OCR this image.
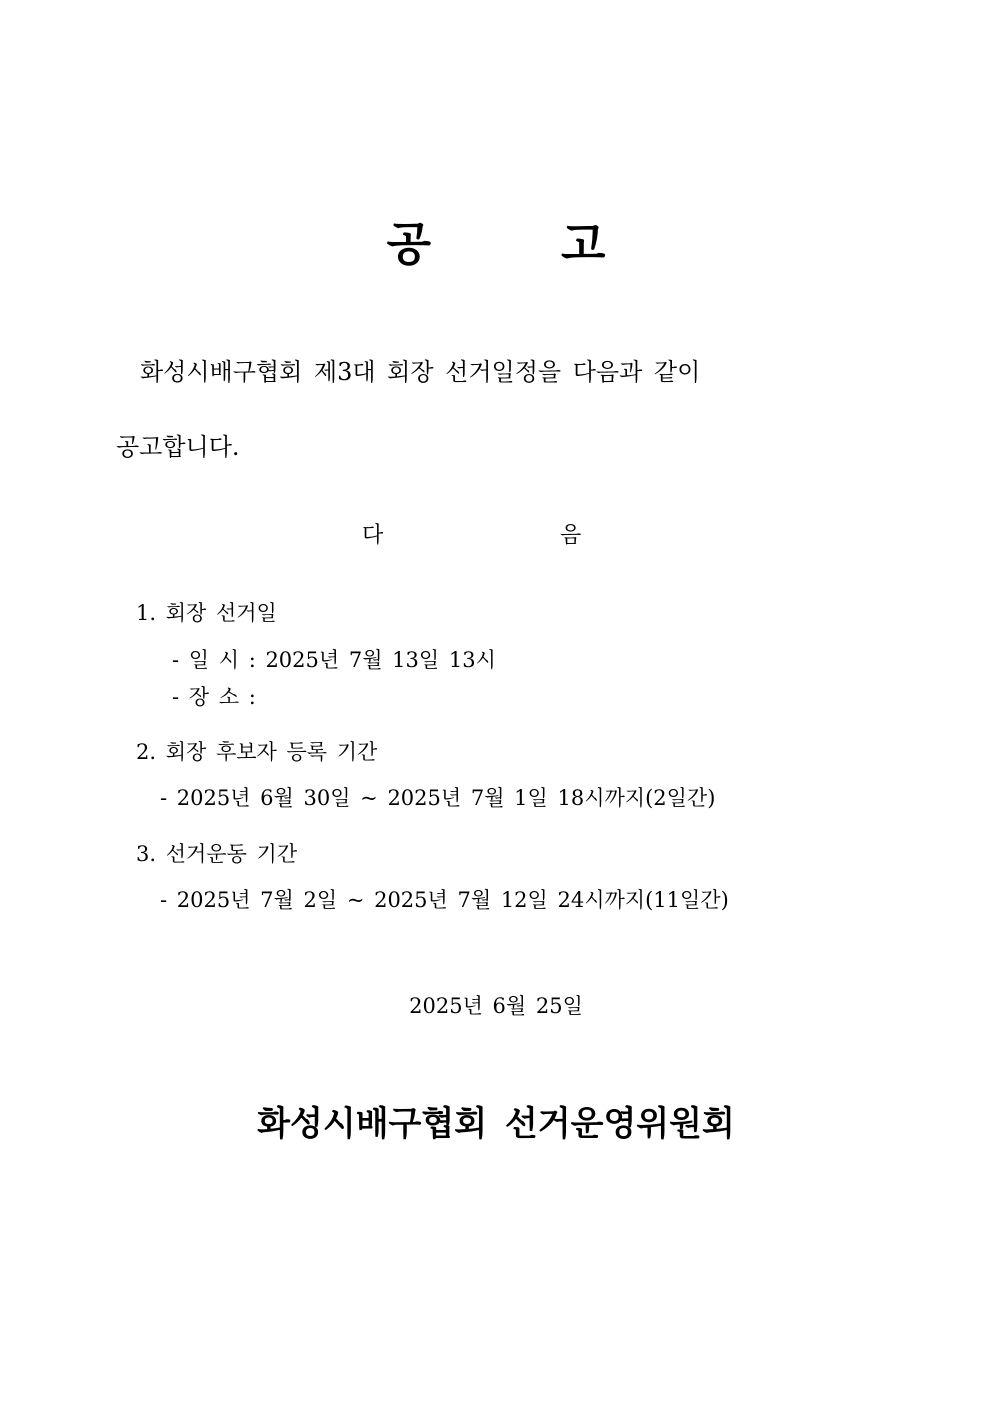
공	고
화성시배구협회 제3대 회장 선거일정을 다음과 같이
공고합니다.
다	음
1. 회장 선거일
- 일 시 : 2025년 7월 13일 13시
- 장 소 :
2. 회장 후보자 등록 기간
- 2025년 6월 30일 ~ 2025년 7월 1일 18시까지(2일간)
3. 선거운동 기간
- 2025년 7월 2일 ~ 2025년 7월 12일 24시까지(11일간)
2025년 6월 25일
화성시배구협회 선거운영위원회
